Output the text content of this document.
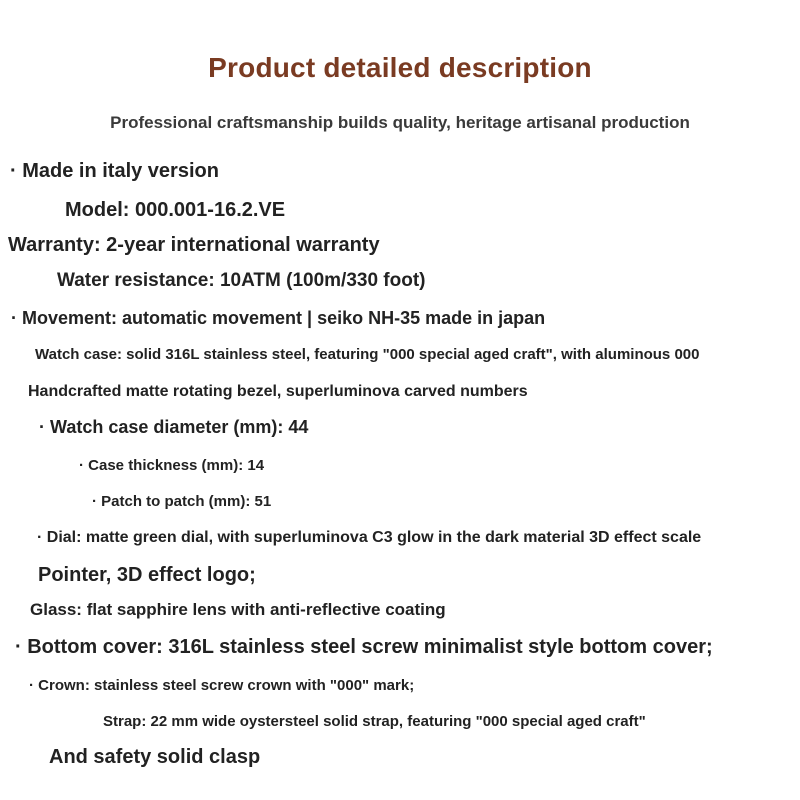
Product detailed description

Professional craftsmanship builds quality, heritage artisanal production

· Made in italy version

Model: 000.001-16.2.VE

Warranty: 2-year international warranty

Water resistance: 10ATM (100m/330 foot)

· Movement: automatic movement | seiko NH-35 made in japan

Watch case: solid 316L stainless steel, featuring "000 special aged craft", with aluminous 000

Handcrafted matte rotating bezel, superluminova carved numbers

· Watch case diameter (mm): 44

· Case thickness (mm): 14

· Patch to patch (mm): 51

· Dial: matte green dial, with superluminova C3 glow in the dark material 3D effect scale

Pointer, 3D effect logo;

Glass: flat sapphire lens with anti-reflective coating

· Bottom cover: 316L stainless steel screw minimalist style bottom cover;

· Crown: stainless steel screw crown with "000" mark;

Strap: 22 mm wide oystersteel solid strap, featuring "000 special aged craft"

And safety solid clasp
